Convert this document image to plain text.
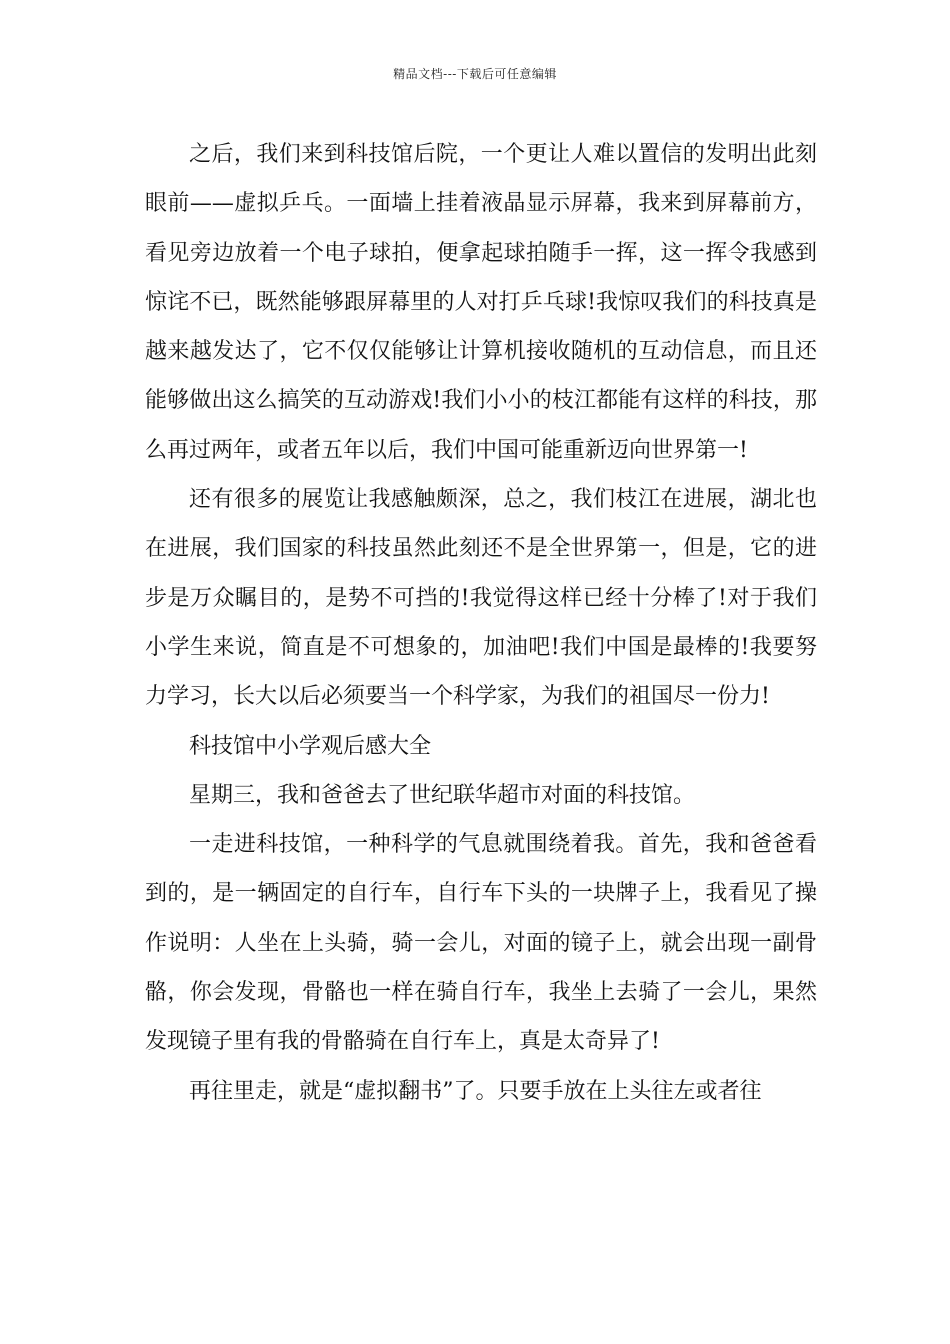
精品文档---下载后可任意编辑

之后，我们来到科技馆后院，一个更让人难以置信的发明出此刻眼前——虚拟乒乓。一面墙上挂着液晶显示屏幕，我来到屏幕前方，看见旁边放着一个电子球拍，便拿起球拍随手一挥，这一挥令我感到惊诧不已，既然能够跟屏幕里的人对打乒乓球!我惊叹我们的科技真是越来越发达了，它不仅仅能够让计算机接收随机的互动信息，而且还能够做出这么搞笑的互动游戏!我们小小的枝江都能有这样的科技，那么再过两年，或者五年以后，我们中国可能重新迈向世界第一!

还有很多的展览让我感触颇深，总之，我们枝江在进展，湖北也在进展，我们国家的科技虽然此刻还不是全世界第一，但是，它的进步是万众瞩目的，是势不可挡的!我觉得这样已经十分棒了!对于我们小学生来说，简直是不可想象的，加油吧!我们中国是最棒的!我要努力学习，长大以后必须要当一个科学家，为我们的祖国尽一份力!

科技馆中小学观后感大全

星期三，我和爸爸去了世纪联华超市对面的科技馆。

一走进科技馆，一种科学的气息就围绕着我。首先，我和爸爸看到的，是一辆固定的自行车，自行车下头的一块牌子上，我看见了操作说明：人坐在上头骑，骑一会儿，对面的镜子上，就会出现一副骨骼，你会发现，骨骼也一样在骑自行车，我坐上去骑了一会儿，果然发现镜子里有我的骨骼骑在自行车上，真是太奇异了!

再往里走，就是“虚拟翻书”了。只要手放在上头往左或者往
